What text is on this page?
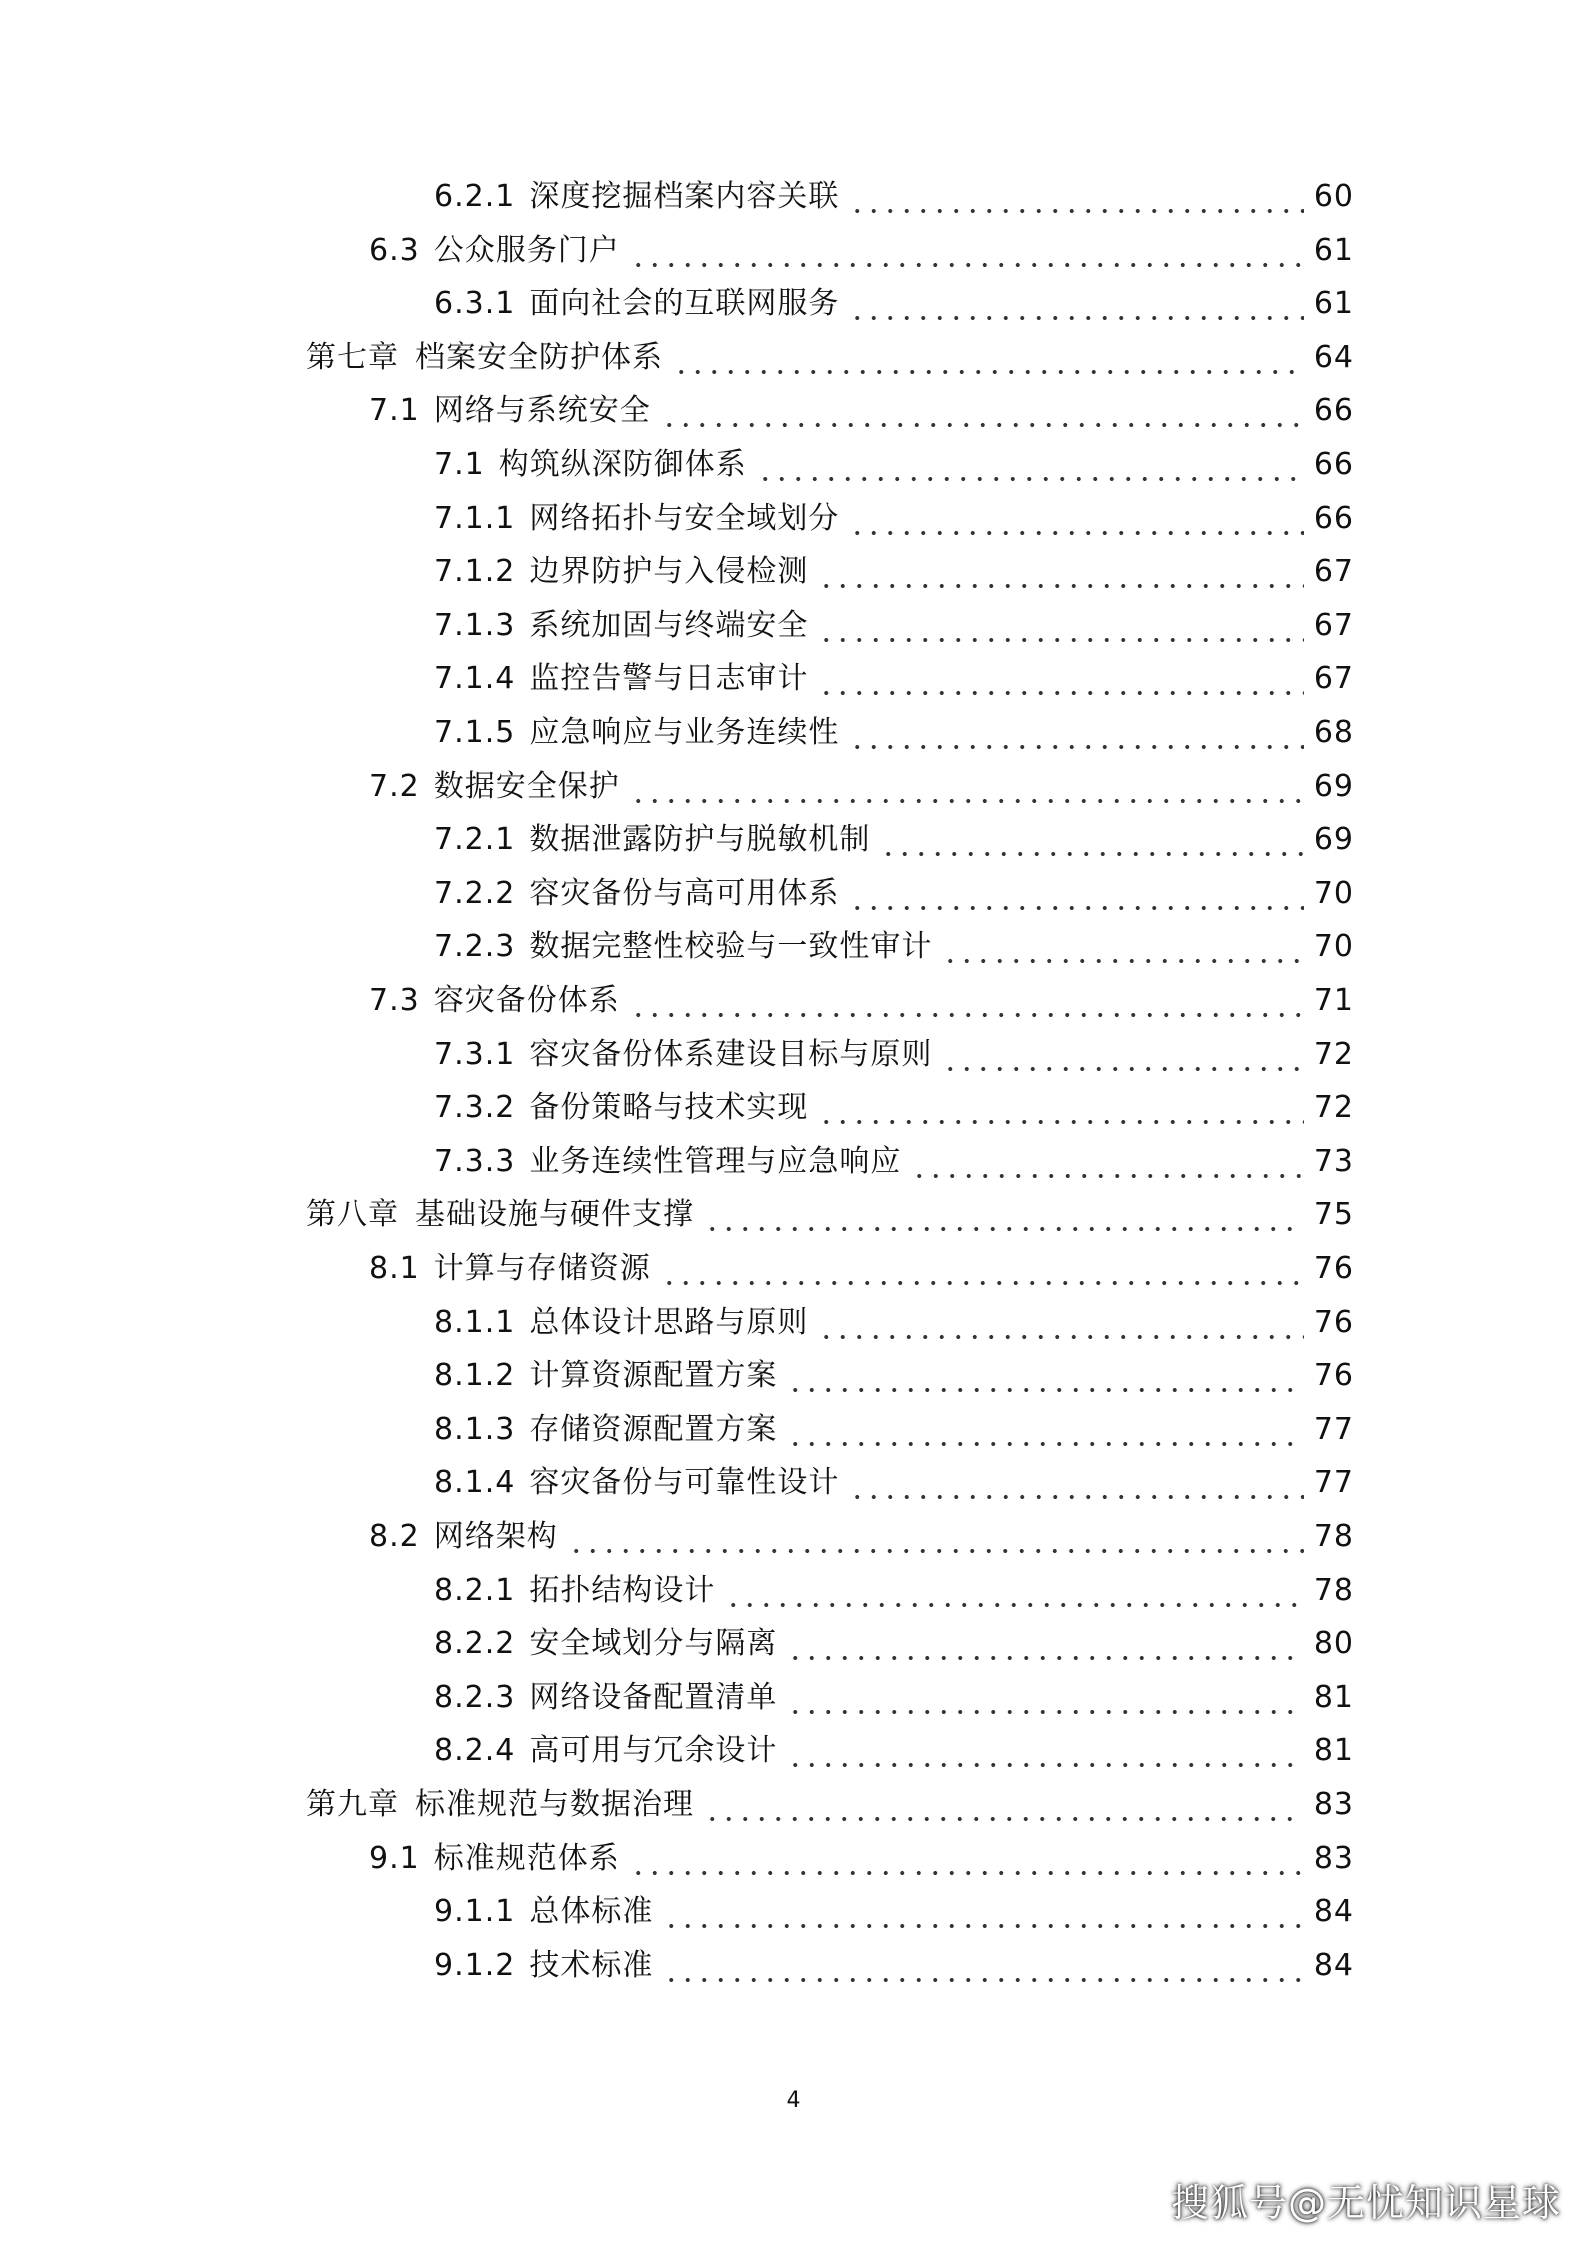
6.2.1 深度挖掘档案内容关联	60
6.3 公众服务门户	61
6.3.1 面向社会的互联网服务	61
第七章 档案安全防护体系	64
7.1 网络与系统安全	66
7.1 构筑纵深防御体系	66
7.1.1 网络拓扑与安全域划分	66
7.1.2 边界防护与入侵检测	67
7.1.3 系统加固与终端安全	67
7.1.4 监控告警与日志审计	67
7.1.5 应急响应与业务连续性	68
7.2 数据安全保护	69
7.2.1 数据泄露防护与脱敏机制	69
7.2.2 容灾备份与高可用体系	70
7.2.3 数据完整性校验与一致性审计	70
7.3 容灾备份体系	71
7.3.1 容灾备份体系建设目标与原则	72
7.3.2 备份策略与技术实现	72
7.3.3 业务连续性管理与应急响应	73
第八章 基础设施与硬件支撑	75
8.1 计算与存储资源	76
8.1.1 总体设计思路与原则	76
8.1.2 计算资源配置方案	76
8.1.3 存储资源配置方案	77
8.1.4 容灾备份与可靠性设计	77
8.2 网络架构	78
8.2.1 拓扑结构设计	78
8.2.2 安全域划分与隔离	80
8.2.3 网络设备配置清单	81
8.2.4 高可用与冗余设计	81
第九章 标准规范与数据治理	83
9.1 标准规范体系	83
9.1.1 总体标准	84
9.1.2 技术标准	84
4
搜狐号@无忧知识星球
